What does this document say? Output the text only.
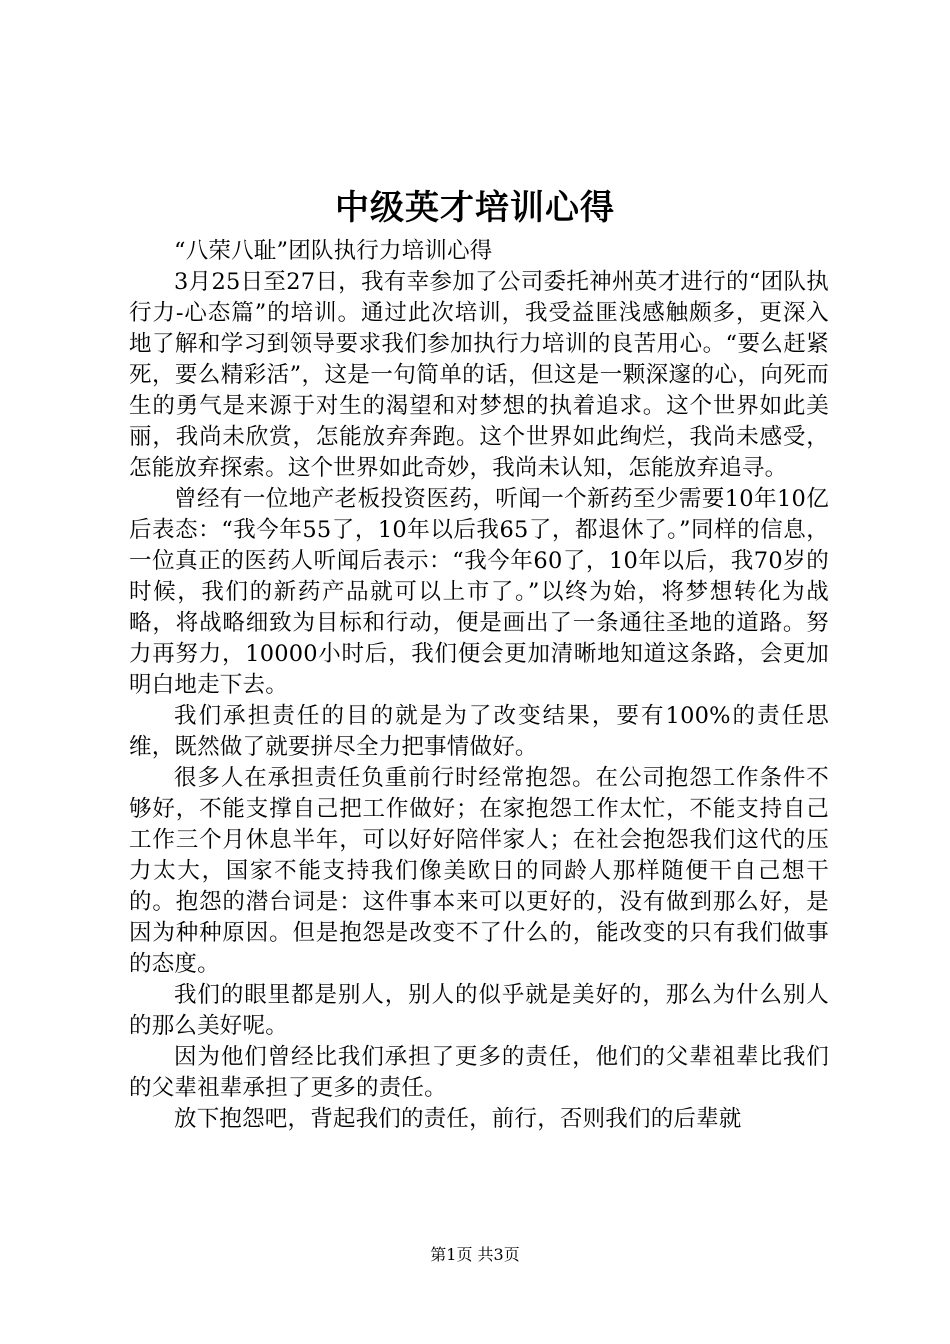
中级英才培训心得

“八荣八耻”团队执行力培训心得

3月25日至27日，我有幸参加了公司委托神州英才进行的“团队执行力-心态篇”的培训。通过此次培训，我受益匪浅感触颇多，更深入地了解和学习到领导要求我们参加执行力培训的良苦用心。“要么赶紧死，要么精彩活”，这是一句简单的话，但这是一颗深邃的心，向死而生的勇气是来源于对生的渴望和对梦想的执着追求。这个世界如此美丽，我尚未欣赏，怎能放弃奔跑。这个世界如此绚烂，我尚未感受，怎能放弃探索。这个世界如此奇妙，我尚未认知，怎能放弃追寻。

曾经有一位地产老板投资医药，听闻一个新药至少需要10年10亿后表态：“我今年55了，10年以后我65了，都退休了。”同样的信息，一位真正的医药人听闻后表示：“我今年60了，10年以后，我70岁的时候，我们的新药产品就可以上市了。”以终为始，将梦想转化为战略，将战略细致为目标和行动，便是画出了一条通往圣地的道路。努力再努力，10000小时后，我们便会更加清晰地知道这条路，会更加明白地走下去。

我们承担责任的目的就是为了改变结果，要有100%的责任思维，既然做了就要拼尽全力把事情做好。

很多人在承担责任负重前行时经常抱怨。在公司抱怨工作条件不够好，不能支撑自己把工作做好；在家抱怨工作太忙，不能支持自己工作三个月休息半年，可以好好陪伴家人；在社会抱怨我们这代的压力太大，国家不能支持我们像美欧日的同龄人那样随便干自己想干的。抱怨的潜台词是：这件事本来可以更好的，没有做到那么好，是因为种种原因。但是抱怨是改变不了什么的，能改变的只有我们做事的态度。

我们的眼里都是别人，别人的似乎就是美好的，那么为什么别人的那么美好呢。

因为他们曾经比我们承担了更多的责任，他们的父辈祖辈比我们的父辈祖辈承担了更多的责任。

放下抱怨吧，背起我们的责任，前行，否则我们的后辈就

第1页 共3页
